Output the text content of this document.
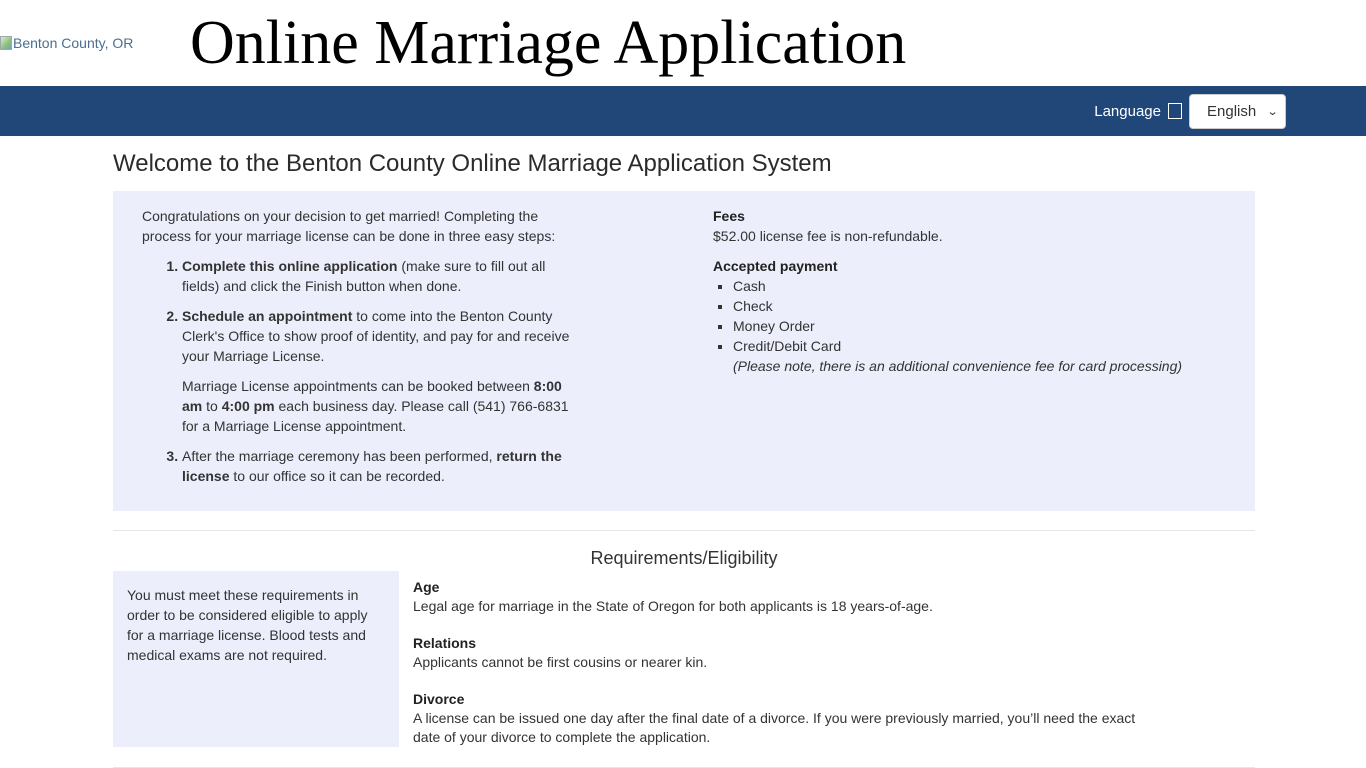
Benton County, OR Online Marriage Application
Language	English ⌄
Welcome to the Benton County Online Marriage Application System

Congratulations on your decision to get married! Completing the process for your marriage license can be done in three easy steps:

1. Complete this online application (make sure to fill out all fields) and click the Finish button when done.
2. Schedule an appointment to come into the Benton County Clerk's Office to show proof of identity, and pay for and receive your Marriage License.

Marriage License appointments can be booked between 8:00 am to 4:00 pm each business day. Please call (541) 766-6831 for a Marriage License appointment.

3. After the marriage ceremony has been performed, return the license to our office so it can be recorded.
Fees

$52.00 license fee is non-refundable.

Accepted payment
▪ Cash
▪ Check
▪ Money Order
▪ Credit/Debit Card
(Please note, there is an additional convenience fee for card processing)
Requirements/Eligibility
You must meet these requirements in order to be considered eligible to apply for a marriage license. Blood tests and medical exams are not required.
Age
Legal age for marriage in the State of Oregon for both applicants is 18 years-of-age.
Relations
Applicants cannot be first cousins or nearer kin.
Divorce
A license can be issued one day after the final date of a divorce. If you were previously married, you’ll need the exact date of your divorce to complete the application.
